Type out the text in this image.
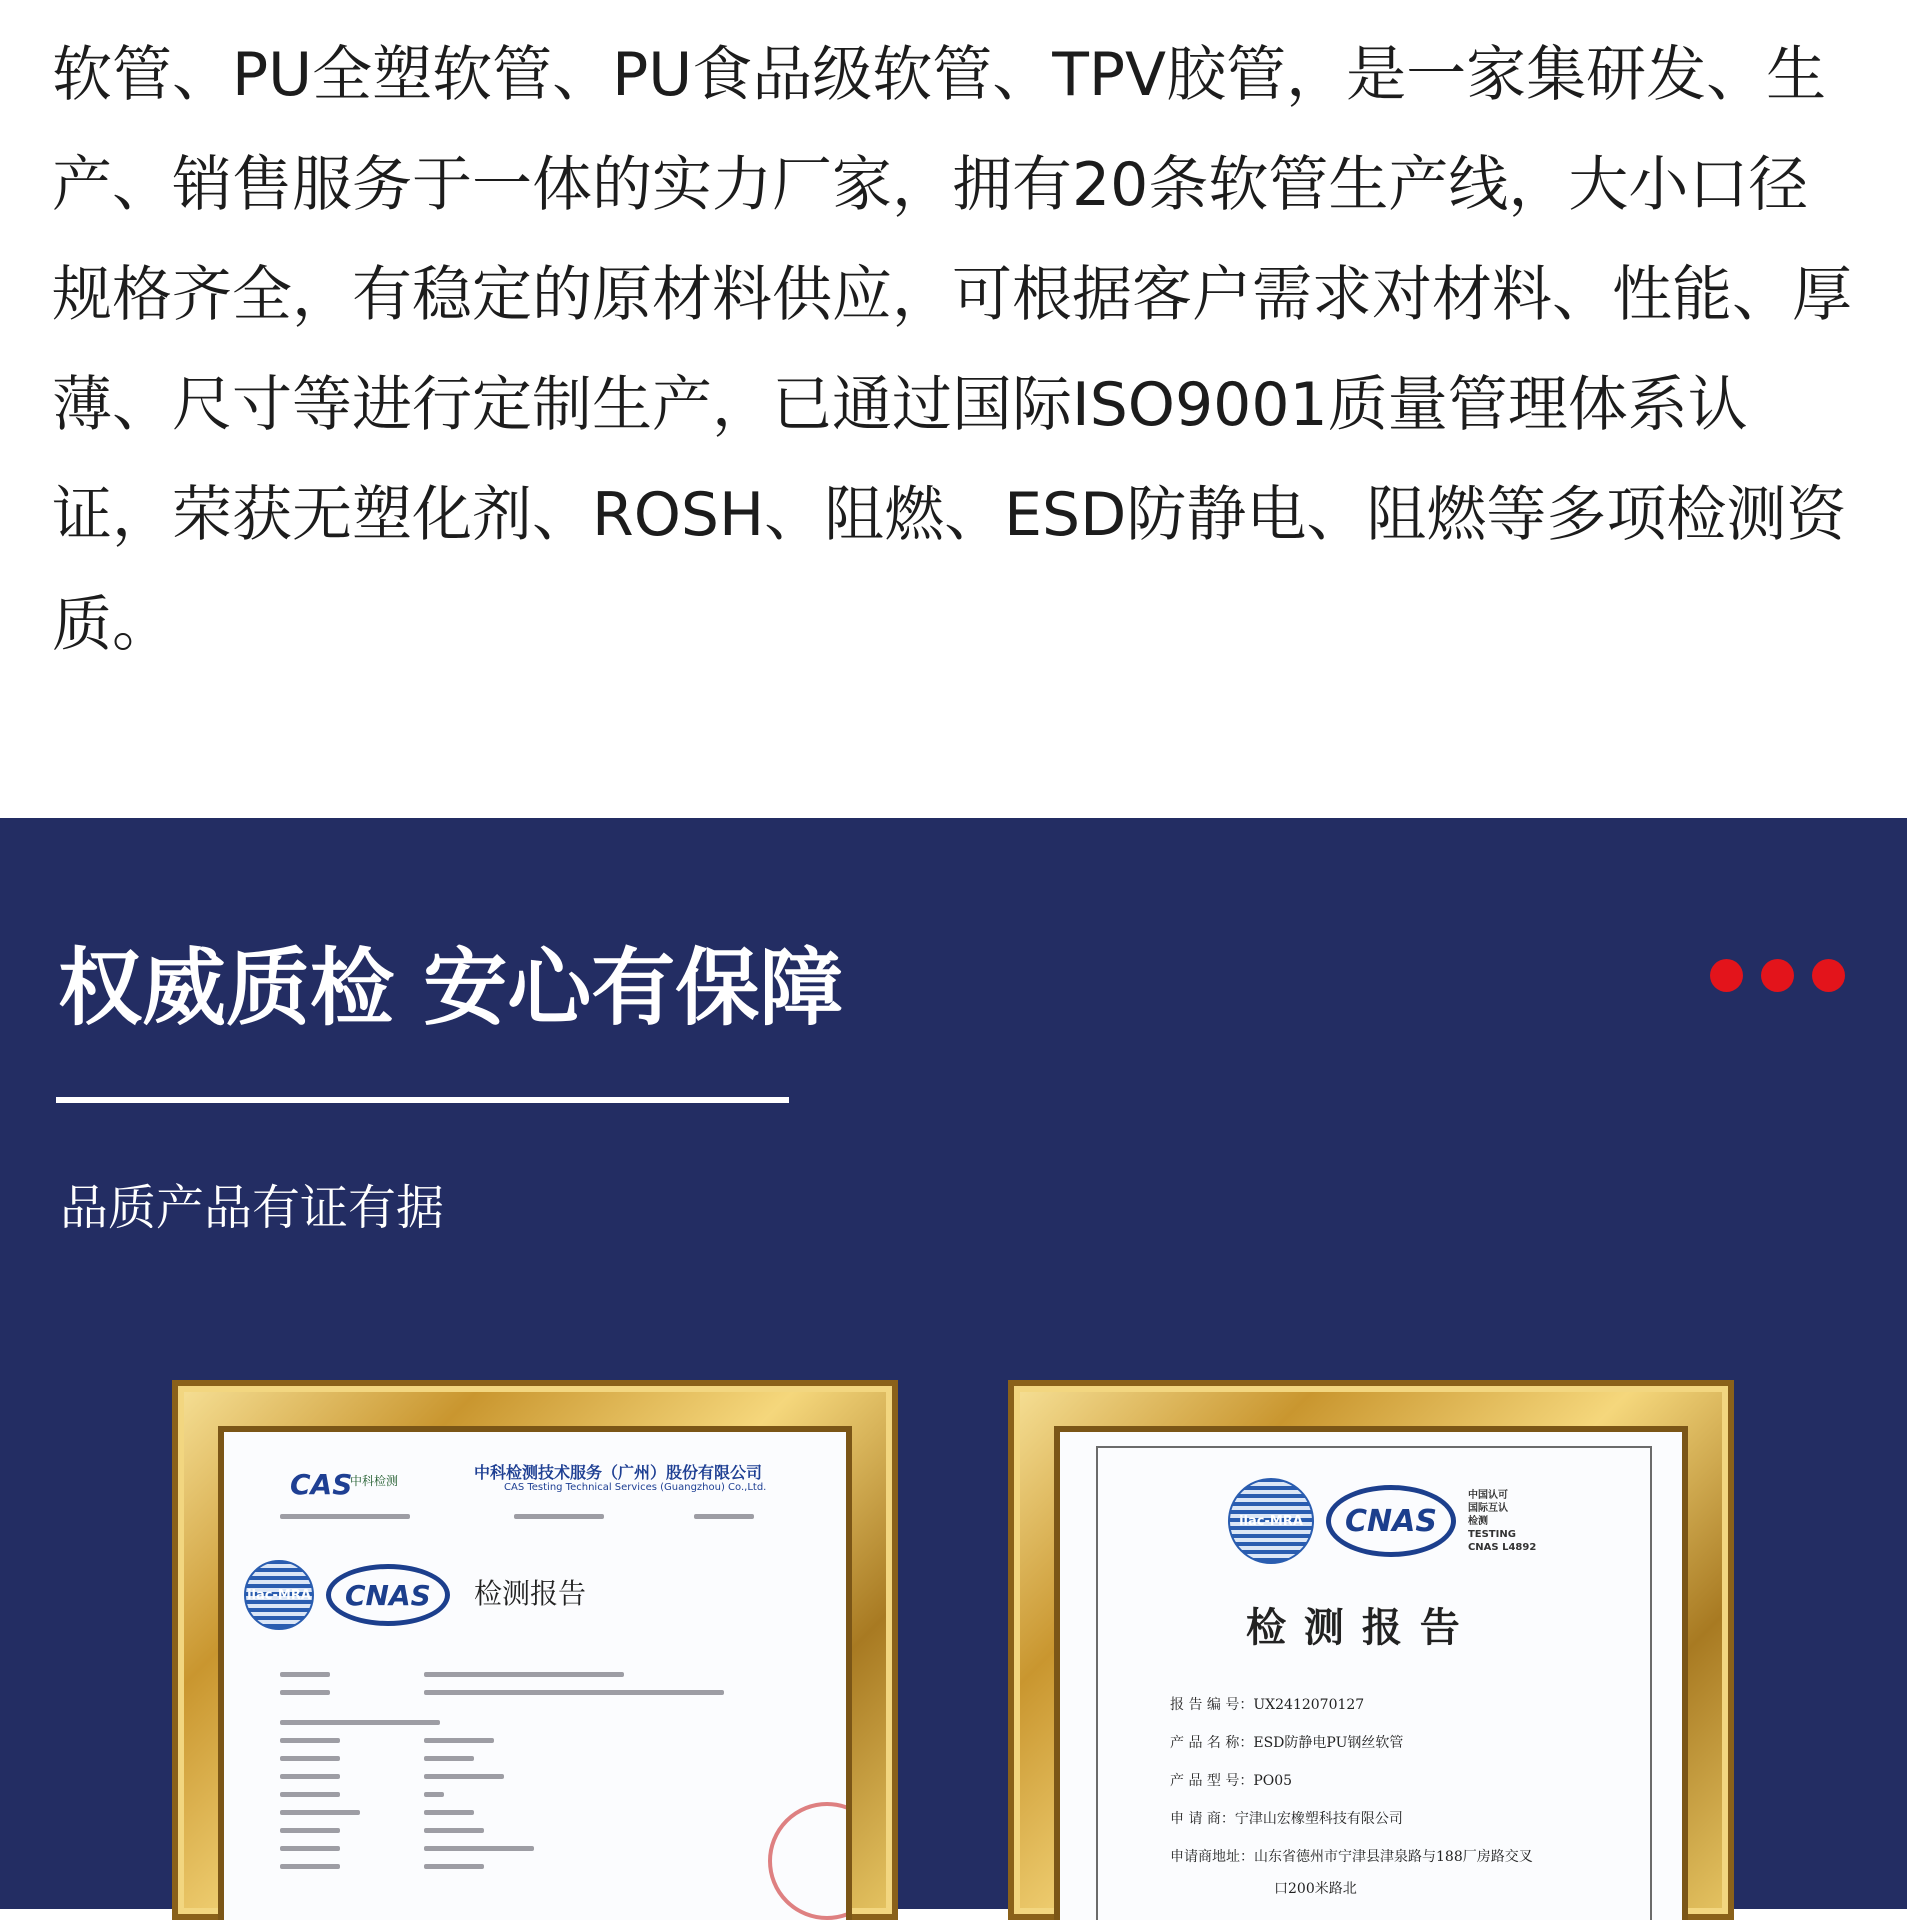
软管、PU全塑软管、PU食品级软管、TPV胶管，是一家集研发、生产、销售服务于一体的实力厂家，拥有20条软管生产线，大小口径规格齐全，有稳定的原材料供应，可根据客户需求对材料、性能、厚薄、尺寸等进行定制生产，已通过国际ISO9001质量管理体系认证，荣获无塑化剂、ROSH、阻燃、ESD防静电、阻燃等多项检测资质。

权威质检 安心有保障
品质产品有证有据
CAS
中科检测	中科检测技术服务（广州）股份有限公司
CAS Testing Technical Services (Guangzhou) Co.,Ltd.
ilac-MRA	CNAS	检测报告
ilac-MRA	CNAS
中国认可
国际互认
检测
TESTING
CNAS L4892
检 测 报 告
报 告 编 号：UX2412070127
产 品 名 称：ESD防静电PU钢丝软管
产 品 型 号：PO05
申 请 商：宁津山宏橡塑科技有限公司
申请商地址：山东省德州市宁津县津泉路与188厂房路交叉
口200米路北
